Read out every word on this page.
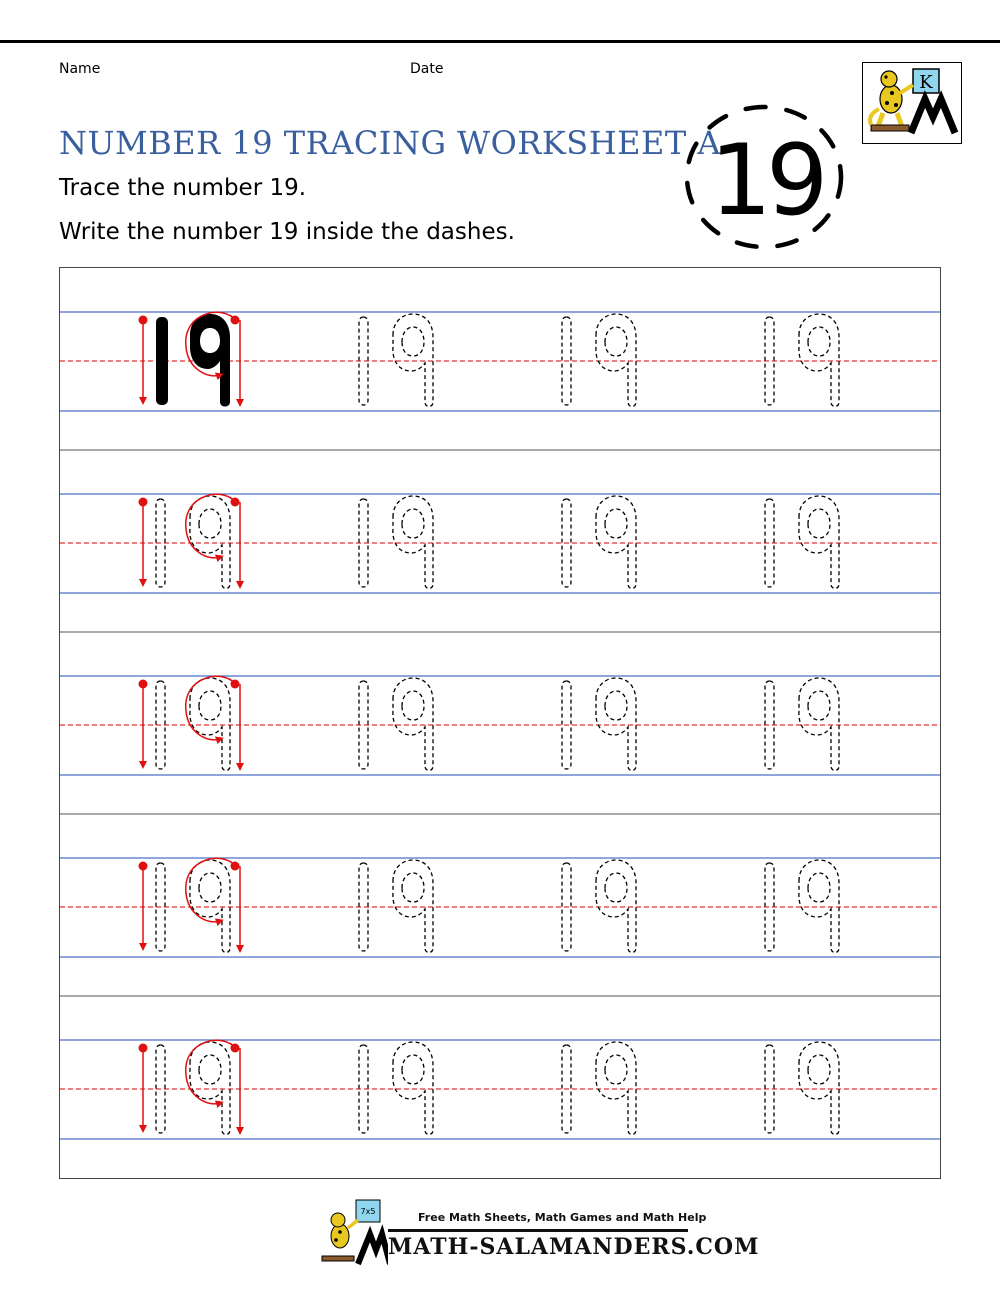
Name	Date
NUMBER 19 TRACING WORKSHEET A
Trace the number 19.
Write the number 19 inside the dashes.
K
19
7x5	Free Math Sheets, Math Games and Math Help
MATH-SALAMANDERS.COM
